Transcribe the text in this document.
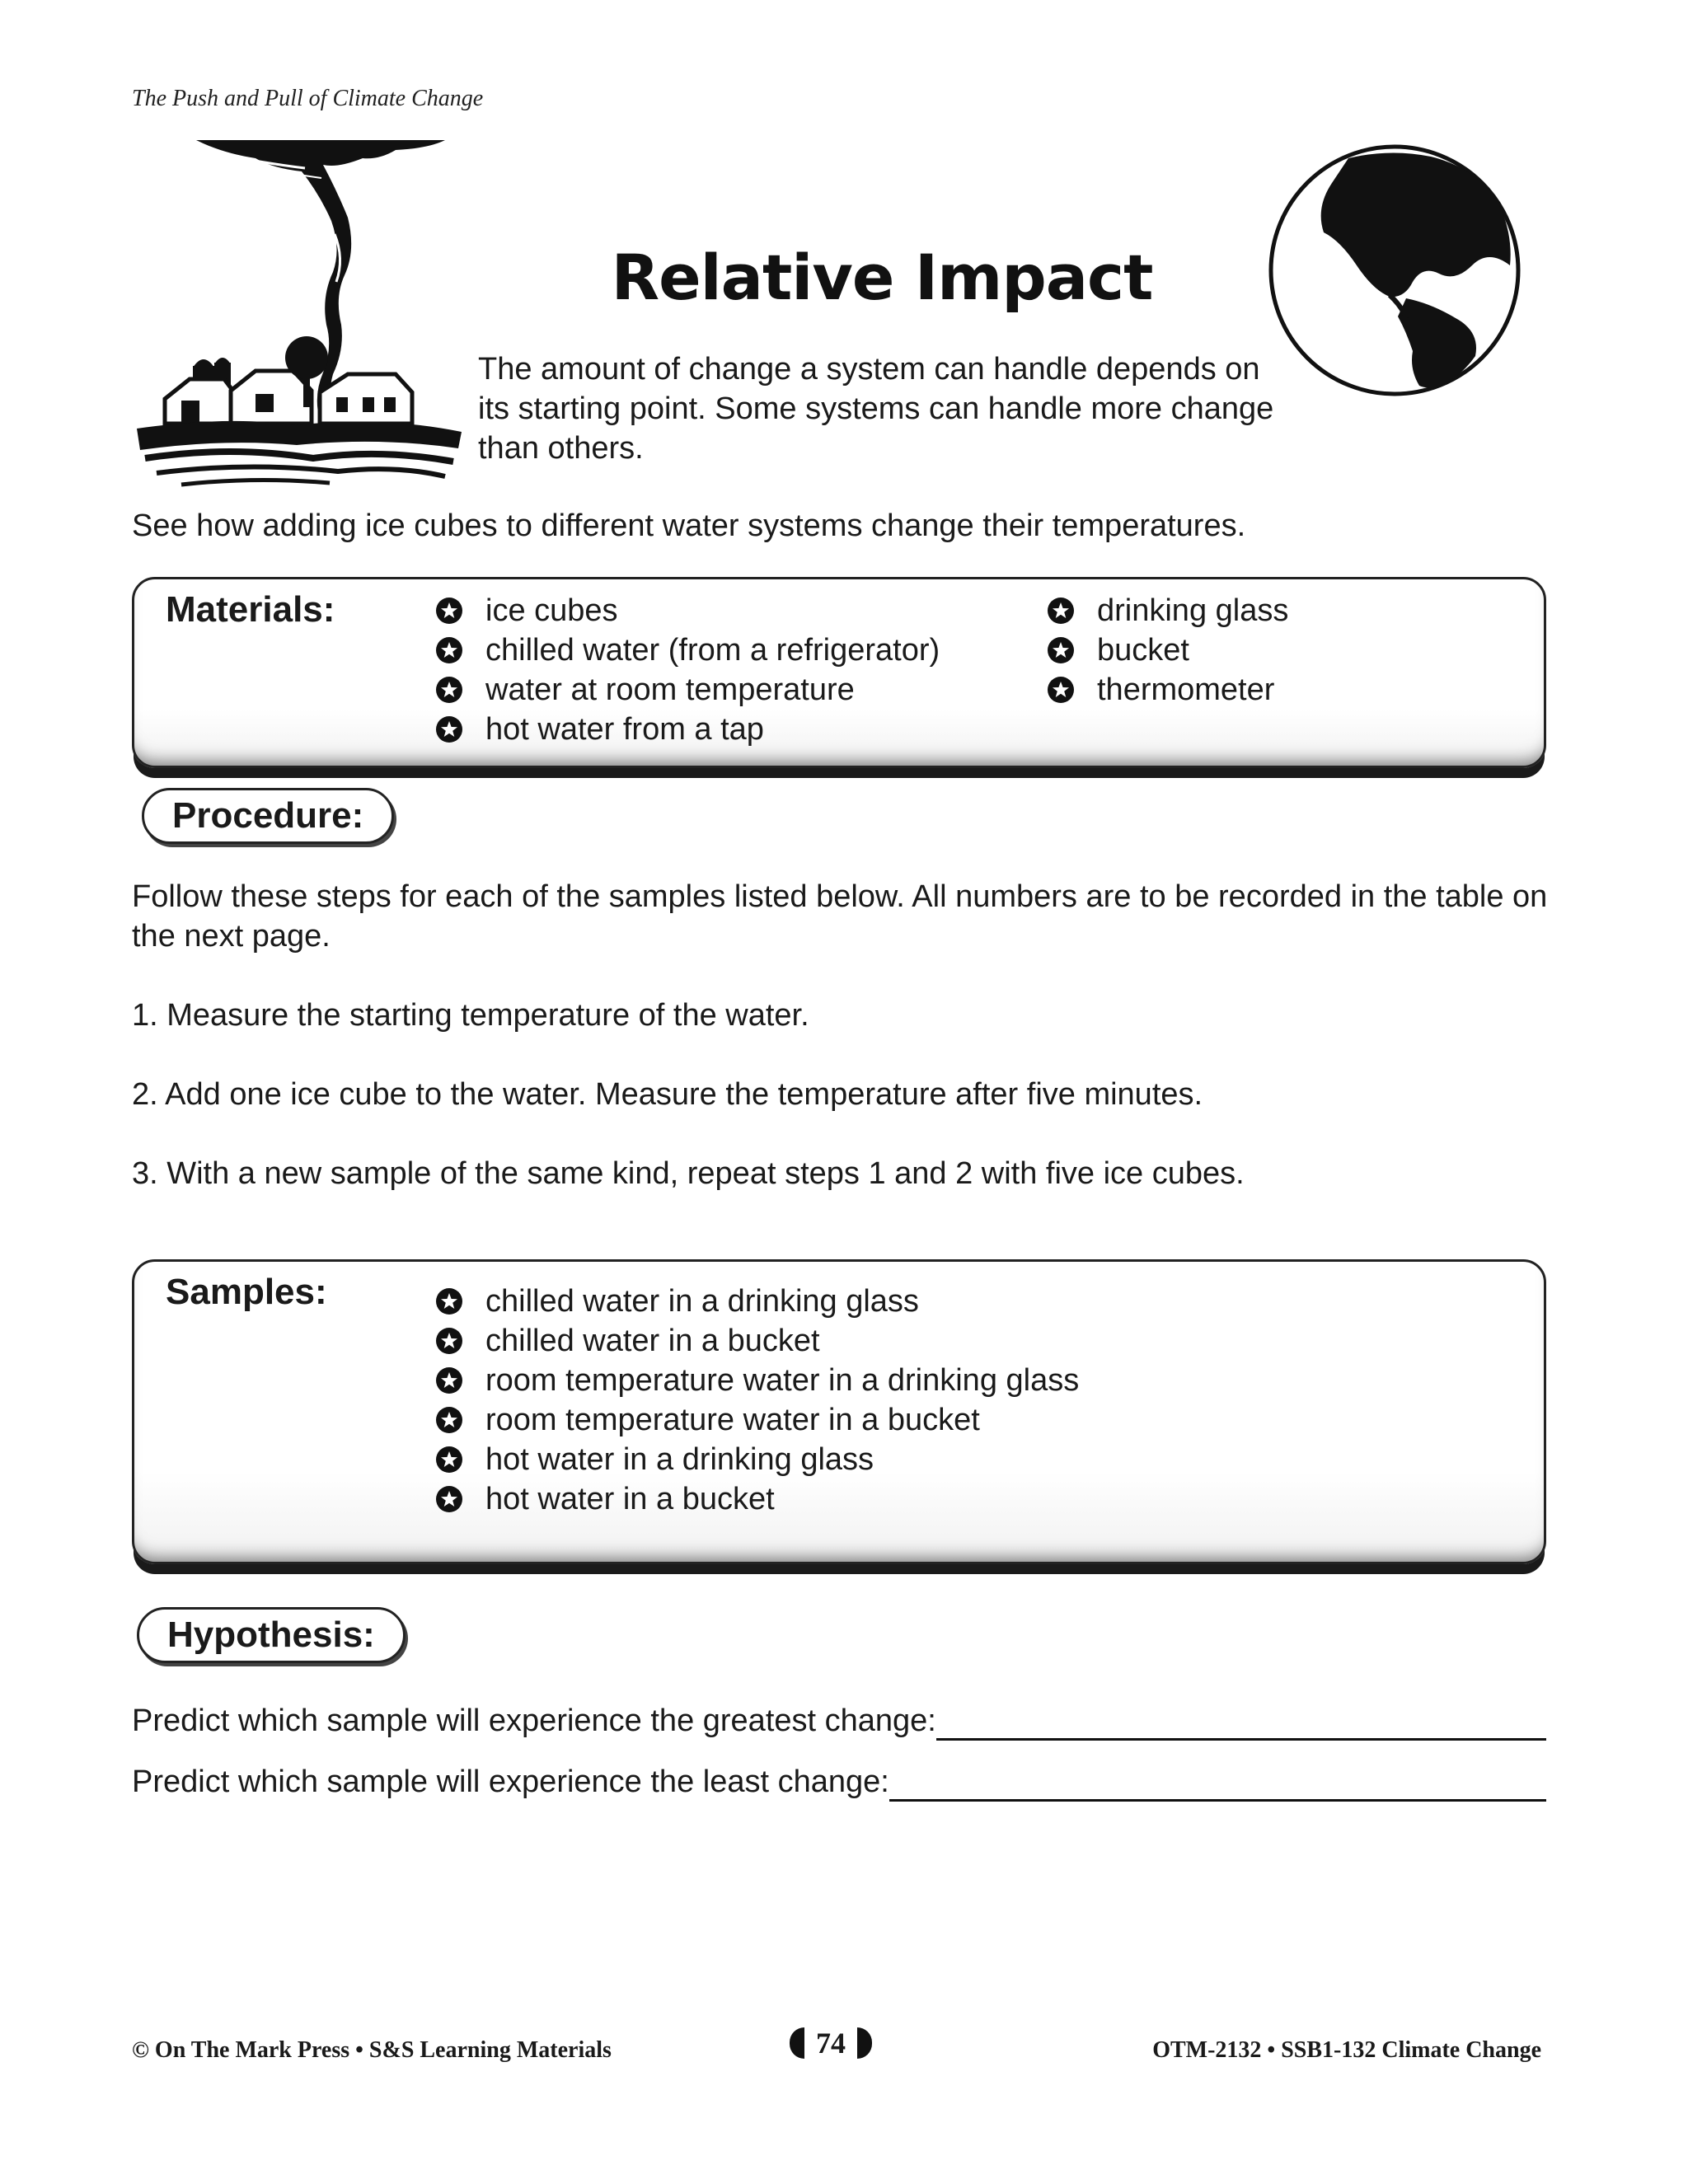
The Push and Pull of Climate Change
Relative Impact
The amount of change a system can handle depends on its starting point. Some systems can handle more change than others.
See how adding ice cubes to different water systems change their temperatures.
Materials:	ice cubes
chilled water (from a refrigerator)
water at room temperature
hot water from a tap
drinking glass
bucket
thermometer
Procedure:
Follow these steps for each of the samples listed below. All numbers are to be recorded in the table on the next page.
1. Measure the starting temperature of the water.
2. Add one ice cube to the water. Measure the temperature after five minutes.
3. With a new sample of the same kind, repeat steps 1 and 2 with five ice cubes.
Samples:	chilled water in a drinking glass
chilled water in a bucket
room temperature water in a drinking glass
room temperature water in a bucket
hot water in a drinking glass
hot water in a bucket
Hypothesis:
Predict which sample will experience the greatest change:
Predict which sample will experience the least change:
© On The Mark Press • S&S Learning Materials	74	OTM-2132 • SSB1-132 Climate Change
